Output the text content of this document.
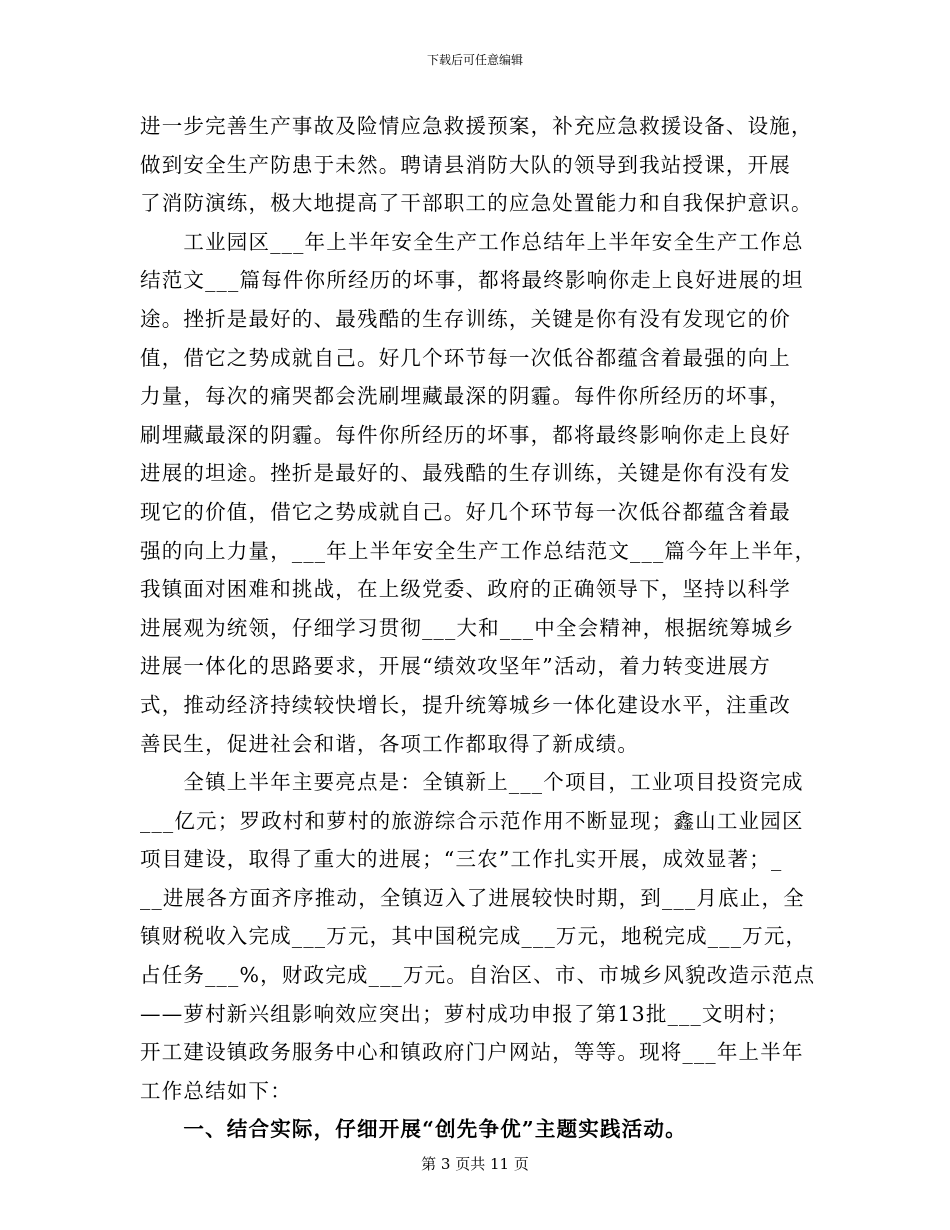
下载后可任意编辑

进一步完善生产事故及险情应急救援预案，补充应急救援设备、设施，
做到安全生产防患于未然。聘请县消防大队的领导到我站授课，开展
了消防演练，极大地提高了干部职工的应急处置能力和自我保护意识。

　　工业园区___年上半年安全生产工作总结年上半年安全生产工作总
结范文___篇每件你所经历的坏事，都将最终影响你走上良好进展的坦
途。挫折是最好的、最残酷的生存训练，关键是你有没有发现它的价
值，借它之势成就自己。好几个环节每一次低谷都蕴含着最强的向上
力量，每次的痛哭都会洗刷埋藏最深的阴霾。每件你所经历的坏事，
刷埋藏最深的阴霾。每件你所经历的坏事，都将最终影响你走上良好
进展的坦途。挫折是最好的、最残酷的生存训练，关键是你有没有发
现它的价值，借它之势成就自己。好几个环节每一次低谷都蕴含着最
强的向上力量，___年上半年安全生产工作总结范文___篇今年上半年，
我镇面对困难和挑战，在上级党委、政府的正确领导下，坚持以科学
进展观为统领，仔细学习贯彻___大和___中全会精神，根据统筹城乡
进展一体化的思路要求，开展“绩效攻坚年”活动，着力转变进展方
式，推动经济持续较快增长，提升统筹城乡一体化建设水平，注重改
善民生，促进社会和谐，各项工作都取得了新成绩。

　　全镇上半年主要亮点是：全镇新上___个项目，工业项目投资完成
___亿元；罗政村和萝村的旅游综合示范作用不断显现；鑫山工业园区
项目建设，取得了重大的进展；“三农”工作扎实开展，成效显著；_
__进展各方面齐序推动，全镇迈入了进展较快时期，到___月底止，全
镇财税收入完成___万元，其中国税完成___万元，地税完成___万元，
占任务___%，财政完成___万元。自治区、市、市城乡风貌改造示范点
——萝村新兴组影响效应突出；萝村成功申报了第13批___文明村；
开工建设镇政务服务中心和镇政府门户网站，等等。现将___年上半年
工作总结如下：

　　一、结合实际，仔细开展“创先争优”主题实践活动。

第 3 页共 11 页
